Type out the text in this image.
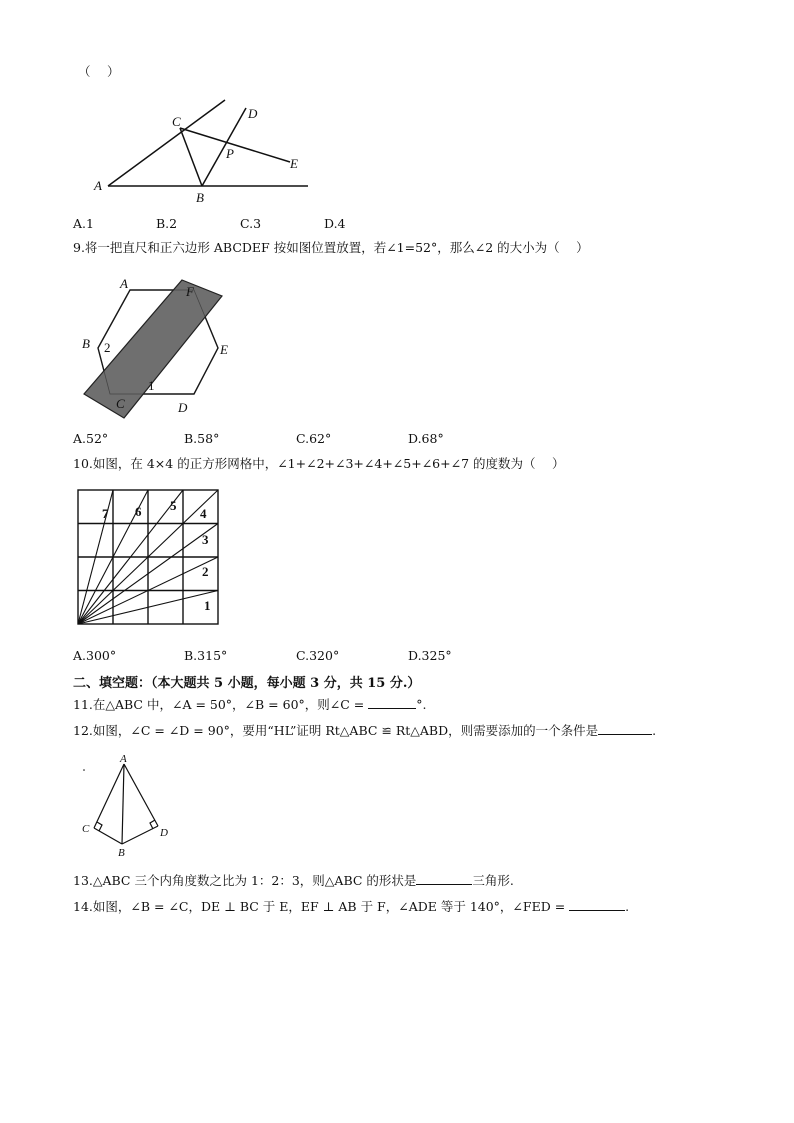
（　 ）
A
B
C
D
E
P
A.1	B.2	C.3	D.4
9.将一把直尺和正六边形 ABCDEF 按如图位置放置，若∠1=52°，那么∠2 的大小为（　 ）
A
B
C	D
E
F
1
2
A.52°	B.58°	C.62°	D.68°
10.如图，在 4×4 的正方形网格中，∠1+∠2+∠3+∠4+∠5+∠6+∠7 的度数为（　 ）
1
2
3
4
5
6
7
A.300°	B.315°	C.320°	D.325°
二、填空题：（本大题共 5 小题，每小题 3 分，共 15 分.）
11.在△ABC 中，∠A = 50°，∠B = 60°，则∠C =	°.
12.如图，∠C = ∠D = 90°，要用“HL”证明 Rt△ABC ≌ Rt△ABD，则需要添加的一个条件是	.
A
B
C	D
13.△ABC 三个内角度数之比为 1：2：3，则△ABC 的形状是	三角形.
14.如图，∠B = ∠C，DE ⊥ BC 于 E，EF ⊥ AB 于 F，∠ADE 等于 140°，∠FED =	.
